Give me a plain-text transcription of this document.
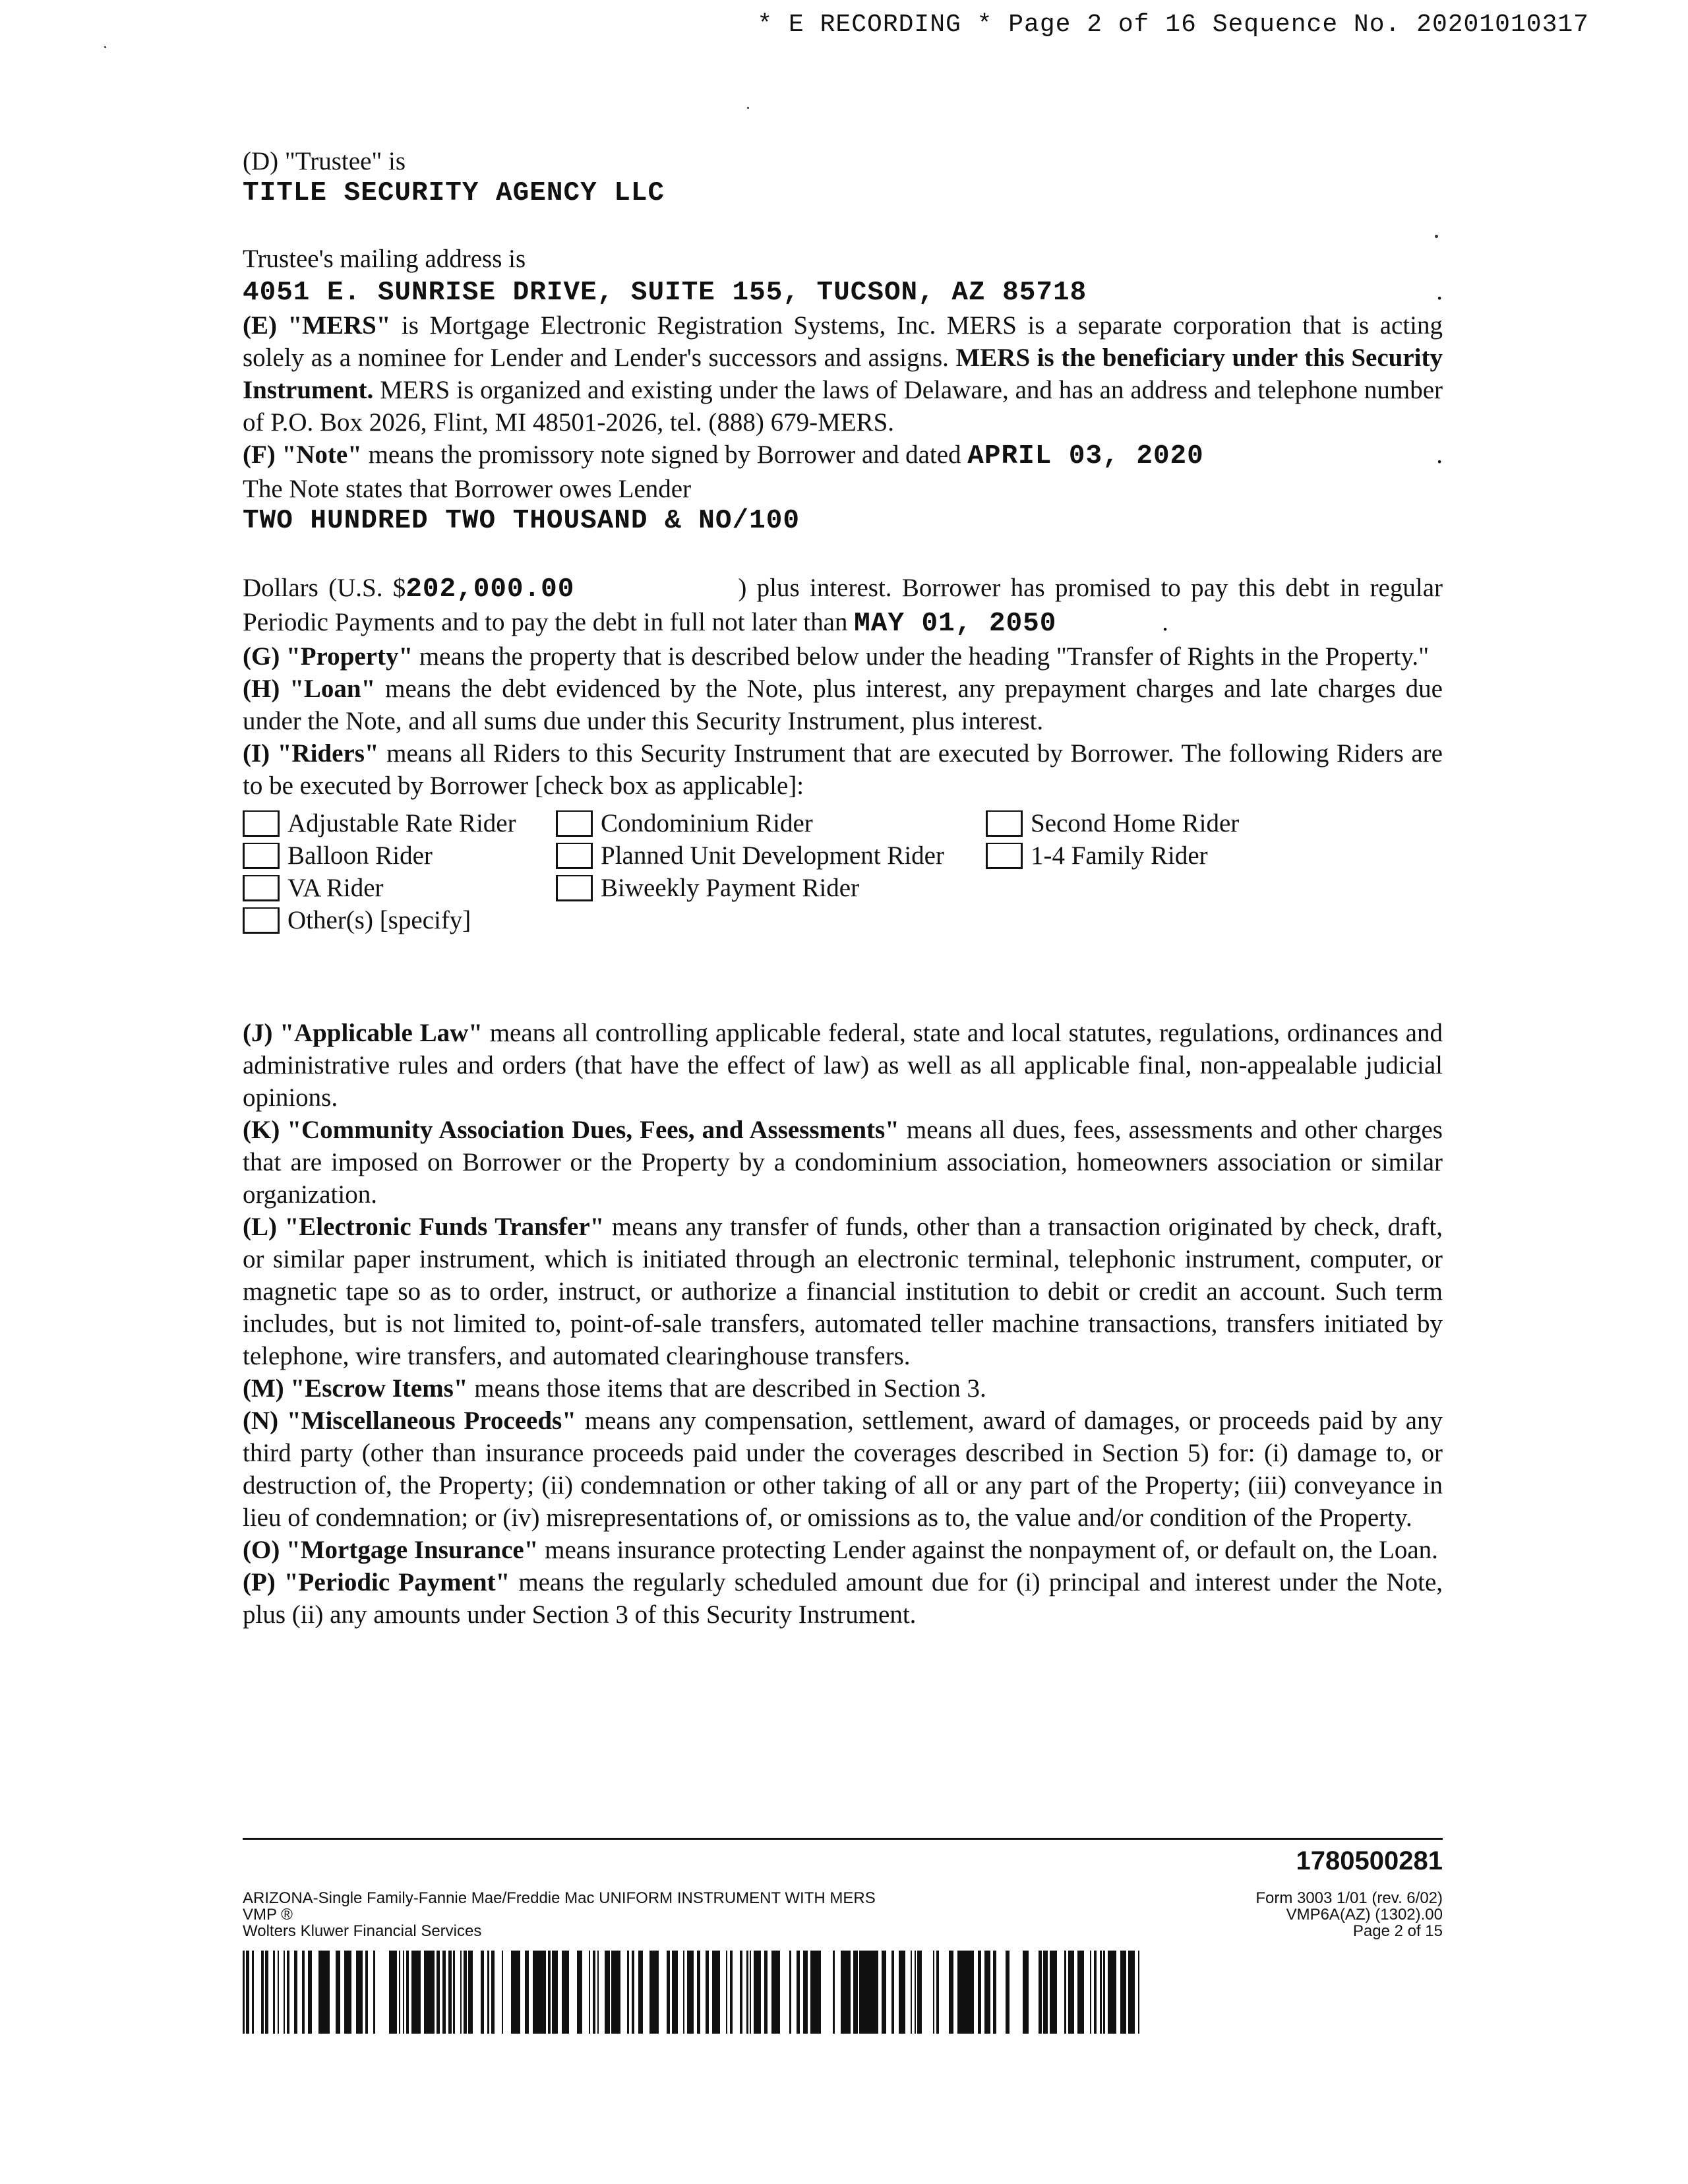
* E RECORDING * Page 2 of 16 Sequence No. 20201010317

(D) "Trustee" is

TITLE SECURITY AGENCY LLC

Trustee's mailing address is

4051 E. SUNRISE DRIVE, SUITE 155, TUCSON, AZ 85718	.

(E) "MERS" is Mortgage Electronic Registration Systems, Inc. MERS is a separate corporation that is acting solely as a nominee for Lender and Lender's successors and assigns. MERS is the beneficiary under this Security Instrument. MERS is organized and existing under the laws of Delaware, and has an address and telephone number of P.O. Box 2026, Flint, MI 48501-2026, tel. (888) 679-MERS.

(F) "Note" means the promissory note signed by Borrower and dated APRIL 03, 2020	.

The Note states that Borrower owes Lender

TWO HUNDRED TWO THOUSAND & NO/100

Dollars (U.S. $202,000.00	) plus interest. Borrower has promised to pay this debt in regular Periodic Payments and to pay the debt in full not later than MAY 01, 2050	.

(G) "Property" means the property that is described below under the heading "Transfer of Rights in the Property."

(H) "Loan" means the debt evidenced by the Note, plus interest, any prepayment charges and late charges due under the Note, and all sums due under this Security Instrument, plus interest.

(I) "Riders" means all Riders to this Security Instrument that are executed by Borrower. The following Riders are to be executed by Borrower [check box as applicable]:

Adjustable Rate Rider
Balloon Rider
VA Rider
Other(s) [specify]
Condominium Rider
Planned Unit Development Rider
Biweekly Payment Rider
Second Home Rider
1-4 Family Rider

(J) "Applicable Law" means all controlling applicable federal, state and local statutes, regulations, ordinances and administrative rules and orders (that have the effect of law) as well as all applicable final, non-appealable judicial opinions.

(K) "Community Association Dues, Fees, and Assessments" means all dues, fees, assessments and other charges that are imposed on Borrower or the Property by a condominium association, homeowners association or similar organization.

(L) "Electronic Funds Transfer" means any transfer of funds, other than a transaction originated by check, draft, or similar paper instrument, which is initiated through an electronic terminal, telephonic instrument, computer, or magnetic tape so as to order, instruct, or authorize a financial institution to debit or credit an account. Such term includes, but is not limited to, point-of-sale transfers, automated teller machine transactions, transfers initiated by telephone, wire transfers, and automated clearinghouse transfers.

(M) "Escrow Items" means those items that are described in Section 3.

(N) "Miscellaneous Proceeds" means any compensation, settlement, award of damages, or proceeds paid by any third party (other than insurance proceeds paid under the coverages described in Section 5) for: (i) damage to, or destruction of, the Property; (ii) condemnation or other taking of all or any part of the Property; (iii) conveyance in lieu of condemnation; or (iv) misrepresentations of, or omissions as to, the value and/or condition of the Property.

(O) "Mortgage Insurance" means insurance protecting Lender against the nonpayment of, or default on, the Loan.

(P) "Periodic Payment" means the regularly scheduled amount due for (i) principal and interest under the Note, plus (ii) any amounts under Section 3 of this Security Instrument.

1780500281
ARIZONA-Single Family-Fannie Mae/Freddie Mac UNIFORM INSTRUMENT WITH MERS
VMP ®
Wolters Kluwer Financial Services
Form 3003 1/01 (rev. 6/02)
VMP6A(AZ) (1302).00
Page 2 of 15
